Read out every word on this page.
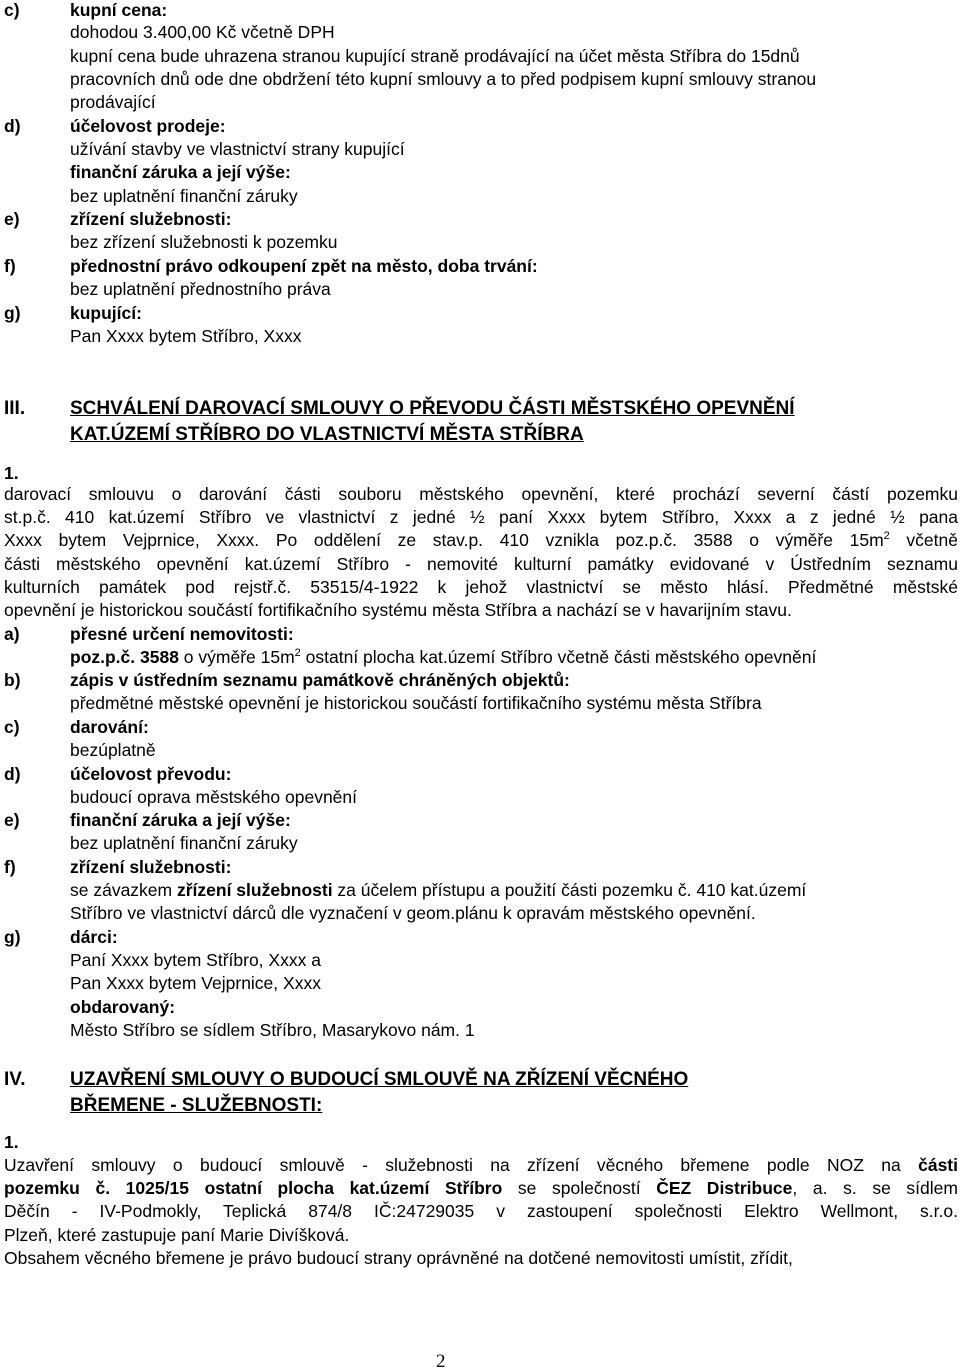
c)	kupní cena:
dohodou 3.400,00 Kč včetně DPH
kupní cena bude uhrazena stranou kupující straně prodávající na účet města Stříbra do 15dnů
pracovních dnů ode dne obdržení této kupní smlouvy a to před podpisem kupní smlouvy stranou
prodávající
d)	účelovost prodeje:
užívání stavby ve vlastnictví strany kupující
finanční záruka a její výše:
bez uplatnění finanční záruky
e)	zřízení služebnosti:
bez zřízení služebnosti k pozemku
f)	přednostní právo odkoupení zpět na město, doba trvání:
bez uplatnění přednostního práva
g)	kupující:
Pan Xxxx bytem Stříbro, Xxxx
III. SCHVÁLENÍ DAROVACÍ SMLOUVY O PŘEVODU ČÁSTI MĚSTSKÉHO OPEVNĚNÍ
KAT.ÚZEMÍ STŘÍBRO DO VLASTNICTVÍ MĚSTA STŘÍBRA
1.
darovací smlouvu o darování části souboru městského opevnění, které prochází severní částí pozemku
st.p.č. 410 kat.území Stříbro ve vlastnictví z jedné ½ paní Xxxx bytem Stříbro, Xxxx a z jedné ½ pana
Xxxx bytem Vejprnice, Xxxx. Po oddělení ze stav.p. 410 vznikla poz.p.č. 3588 o výměře $15m^2$ včetně
části městského opevnění kat.území Stříbro - nemovité kulturní památky evidované v Ústředním seznamu
kulturních památek pod rejstř.č. 53515/4-1922 k jehož vlastnictví se město hlásí. Předmětné městské
opevnění je historickou součástí fortifikačního systému města Stříbra a nachází se v havarijním stavu.
a)	přesné určení nemovitosti:
poz.p.č. 3588 o výměře $15m^2$ ostatní plocha kat.území Stříbro včetně části městského opevnění
b)	zápis v ústředním seznamu památkově chráněných objektů:
předmětné městské opevnění je historickou součástí fortifikačního systému města Stříbra
c)	darování:
bezúplatně
d)	účelovost převodu:
budoucí oprava městského opevnění
e)	finanční záruka a její výše:
bez uplatnění finanční záruky
f)	zřízení služebnosti:
se závazkem zřízení služebnosti za účelem přístupu a použití části pozemku č. 410 kat.území
Stříbro ve vlastnictví dárců dle vyznačení v geom.plánu k opravám městského opevnění.
g)	dárci:
Paní Xxxx bytem Stříbro, Xxxx a
Pan Xxxx bytem Vejprnice, Xxxx
obdarovaný:
Město Stříbro se sídlem Stříbro, Masarykovo nám. 1
IV. UZAVŘENÍ SMLOUVY O BUDOUCÍ SMLOUVĚ NA ZŘÍZENÍ VĚCNÉHO
BŘEMENE - SLUŽEBNOSTI:
1.
Uzavření smlouvy o budoucí smlouvě - služebnosti na zřízení věcného břemene podle NOZ na části
pozemku č. 1025/15 ostatní plocha kat.území Stříbro se společností ČEZ Distribuce, a. s. se sídlem
Děčín - IV-Podmokly, Teplická 874/8 IČ:24729035 v zastoupení společnosti Elektro Wellmont, s.r.o.
Plzeň, které zastupuje paní Marie Divíšková.
Obsahem věcného břemene je právo budoucí strany oprávněné na dotčené nemovitosti umístit, zřídit,
2
